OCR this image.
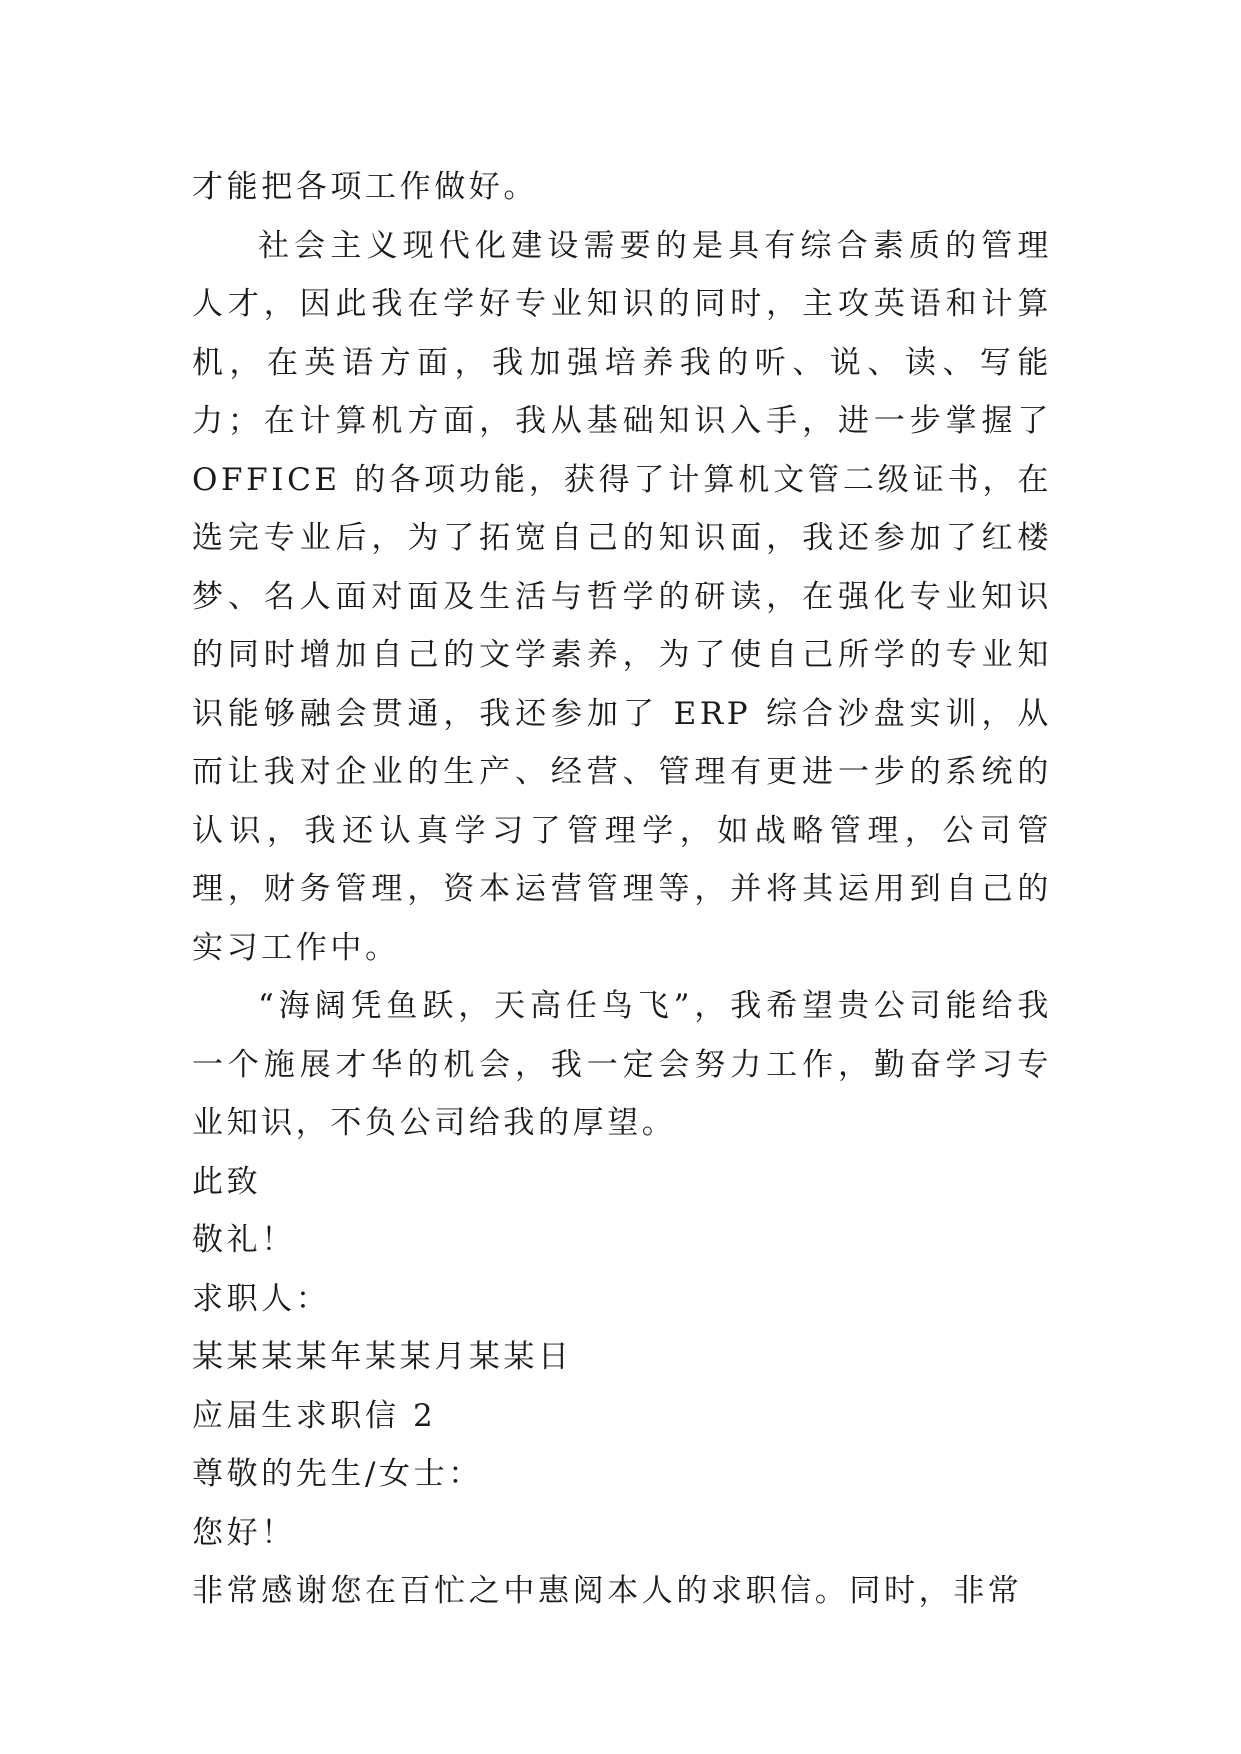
才能把各项工作做好。

社会主义现代化建设需要的是具有综合素质的管理人才，因此我在学好专业知识的同时，主攻英语和计算机，在英语方面，我加强培养我的听、说、读、写能力；在计算机方面，我从基础知识入手，进一步掌握了 OFFICE 的各项功能，获得了计算机文管二级证书，在选完专业后，为了拓宽自己的知识面，我还参加了红楼梦、名人面对面及生活与哲学的研读，在强化专业知识的同时增加自己的文学素养，为了使自己所学的专业知识能够融会贯通，我还参加了 ERP 综合沙盘实训，从而让我对企业的生产、经营、管理有更进一步的系统的认识，我还认真学习了管理学，如战略管理，公司管理，财务管理，资本运营管理等，并将其运用到自己的实习工作中。

“海阔凭鱼跃，天高任鸟飞”，我希望贵公司能给我一个施展才华的机会，我一定会努力工作，勤奋学习专业知识，不负公司给我的厚望。

此致

敬礼！

求职人：

某某某某年某某月某某日

应届生求职信 2

尊敬的先生/女士：

您好！

非常感谢您在百忙之中惠阅本人的求职信。同时，非常
